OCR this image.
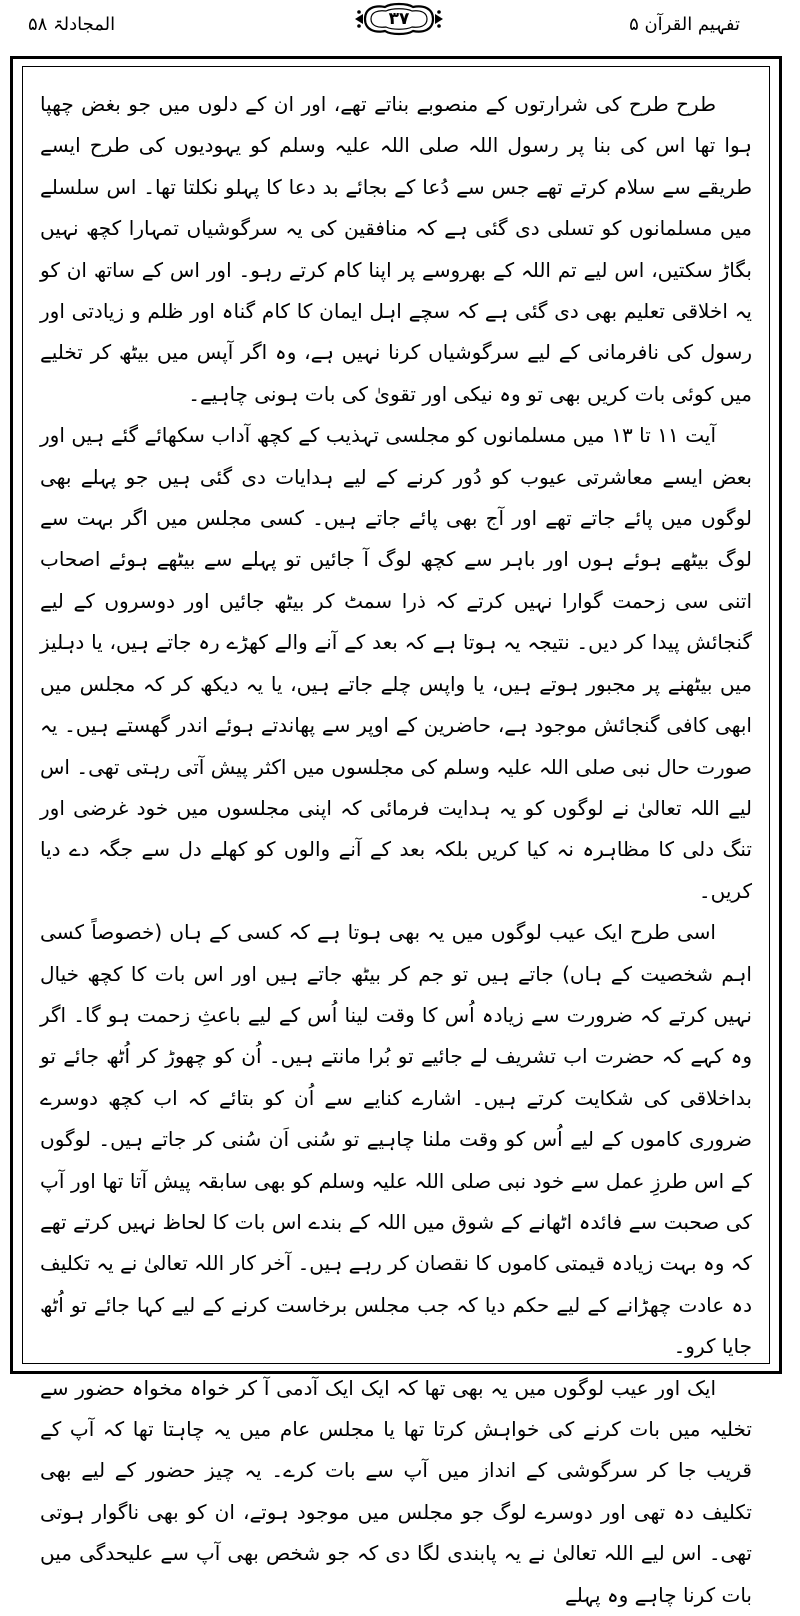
تفہیم القرآن ۵
۳۷
المجادلۃ ۵۸

طرح طرح کی شرارتوں کے منصوبے بناتے تھے، اور ان کے دلوں میں جو بغض چھپا ہوا تھا اس کی بنا پر رسول اللہ صلی اللہ علیہ وسلم کو یہودیوں کی طرح ایسے طریقے سے سلام کرتے تھے جس سے دُعا کے بجائے بد دعا کا پہلو نکلتا تھا۔ اس سلسلے میں مسلمانوں کو تسلی دی گئی ہے کہ منافقین کی یہ سرگوشیاں تمہارا کچھ نہیں بگاڑ سکتیں، اس لیے تم اللہ کے بھروسے پر اپنا کام کرتے رہو۔ اور اس کے ساتھ ان کو یہ اخلاقی تعلیم بھی دی گئی ہے کہ سچے اہل ایمان کا کام گناہ اور ظلم و زیادتی اور رسول کی نافرمانی کے لیے سرگوشیاں کرنا نہیں ہے، وہ اگر آپس میں بیٹھ کر تخلیے میں کوئی بات کریں بھی تو وہ نیکی اور تقویٰ کی بات ہونی چاہیے۔

آیت ۱۱ تا ۱۳ میں مسلمانوں کو مجلسی تہذیب کے کچھ آداب سکھائے گئے ہیں اور بعض ایسے معاشرتی عیوب کو دُور کرنے کے لیے ہدایات دی گئی ہیں جو پہلے بھی لوگوں میں پائے جاتے تھے اور آج بھی پائے جاتے ہیں۔ کسی مجلس میں اگر بہت سے لوگ بیٹھے ہوئے ہوں اور باہر سے کچھ لوگ آ جائیں تو پہلے سے بیٹھے ہوئے اصحاب اتنی سی زحمت گوارا نہیں کرتے کہ ذرا سمٹ کر بیٹھ جائیں اور دوسروں کے لیے گنجائش پیدا کر دیں۔ نتیجہ یہ ہوتا ہے کہ بعد کے آنے والے کھڑے رہ جاتے ہیں، یا دہلیز میں بیٹھنے پر مجبور ہوتے ہیں، یا واپس چلے جاتے ہیں، یا یہ دیکھ کر کہ مجلس میں ابھی کافی گنجائش موجود ہے، حاضرین کے اوپر سے پھاندتے ہوئے اندر گھستے ہیں۔ یہ صورت حال نبی صلی اللہ علیہ وسلم کی مجلسوں میں اکثر پیش آتی رہتی تھی۔ اس لیے اللہ تعالیٰ نے لوگوں کو یہ ہدایت فرمائی کہ اپنی مجلسوں میں خود غرضی اور تنگ دلی کا مظاہرہ نہ کیا کریں بلکہ بعد کے آنے والوں کو کھلے دل سے جگہ دے دیا کریں۔

اسی طرح ایک عیب لوگوں میں یہ بھی ہوتا ہے کہ کسی کے ہاں (خصوصاً کسی اہم شخصیت کے ہاں) جاتے ہیں تو جم کر بیٹھ جاتے ہیں اور اس بات کا کچھ خیال نہیں کرتے کہ ضرورت سے زیادہ اُس کا وقت لینا اُس کے لیے باعثِ زحمت ہو گا۔ اگر وہ کہے کہ حضرت اب تشریف لے جائیے تو بُرا مانتے ہیں۔ اُن کو چھوڑ کر اُٹھ جائے تو بداخلاقی کی شکایت کرتے ہیں۔ اشارے کنایے سے اُن کو بتائے کہ اب کچھ دوسرے ضروری کاموں کے لیے اُس کو وقت ملنا چاہیے تو سُنی اَن سُنی کر جاتے ہیں۔ لوگوں کے اس طرزِ عمل سے خود نبی صلی اللہ علیہ وسلم کو بھی سابقہ پیش آتا تھا اور آپ کی صحبت سے فائدہ اٹھانے کے شوق میں اللہ کے بندے اس بات کا لحاظ نہیں کرتے تھے کہ وہ بہت زیادہ قیمتی کاموں کا نقصان کر رہے ہیں۔ آخر کار اللہ تعالیٰ نے یہ تکلیف دہ عادت چھڑانے کے لیے حکم دیا کہ جب مجلس برخاست کرنے کے لیے کہا جائے تو اُٹھ جایا کرو۔

ایک اور عیب لوگوں میں یہ بھی تھا کہ ایک ایک آدمی آ کر خواہ مخواہ حضور سے تخلیہ میں بات کرنے کی خواہش کرتا تھا یا مجلس عام میں یہ چاہتا تھا کہ آپ کے قریب جا کر سرگوشی کے انداز میں آپ سے بات کرے۔ یہ چیز حضور کے لیے بھی تکلیف دہ تھی اور دوسرے لوگ جو مجلس میں موجود ہوتے، ان کو بھی ناگوار ہوتی تھی۔ اس لیے اللہ تعالیٰ نے یہ پابندی لگا دی کہ جو شخص بھی آپ سے علیحدگی میں بات کرنا چاہے وہ پہلے
